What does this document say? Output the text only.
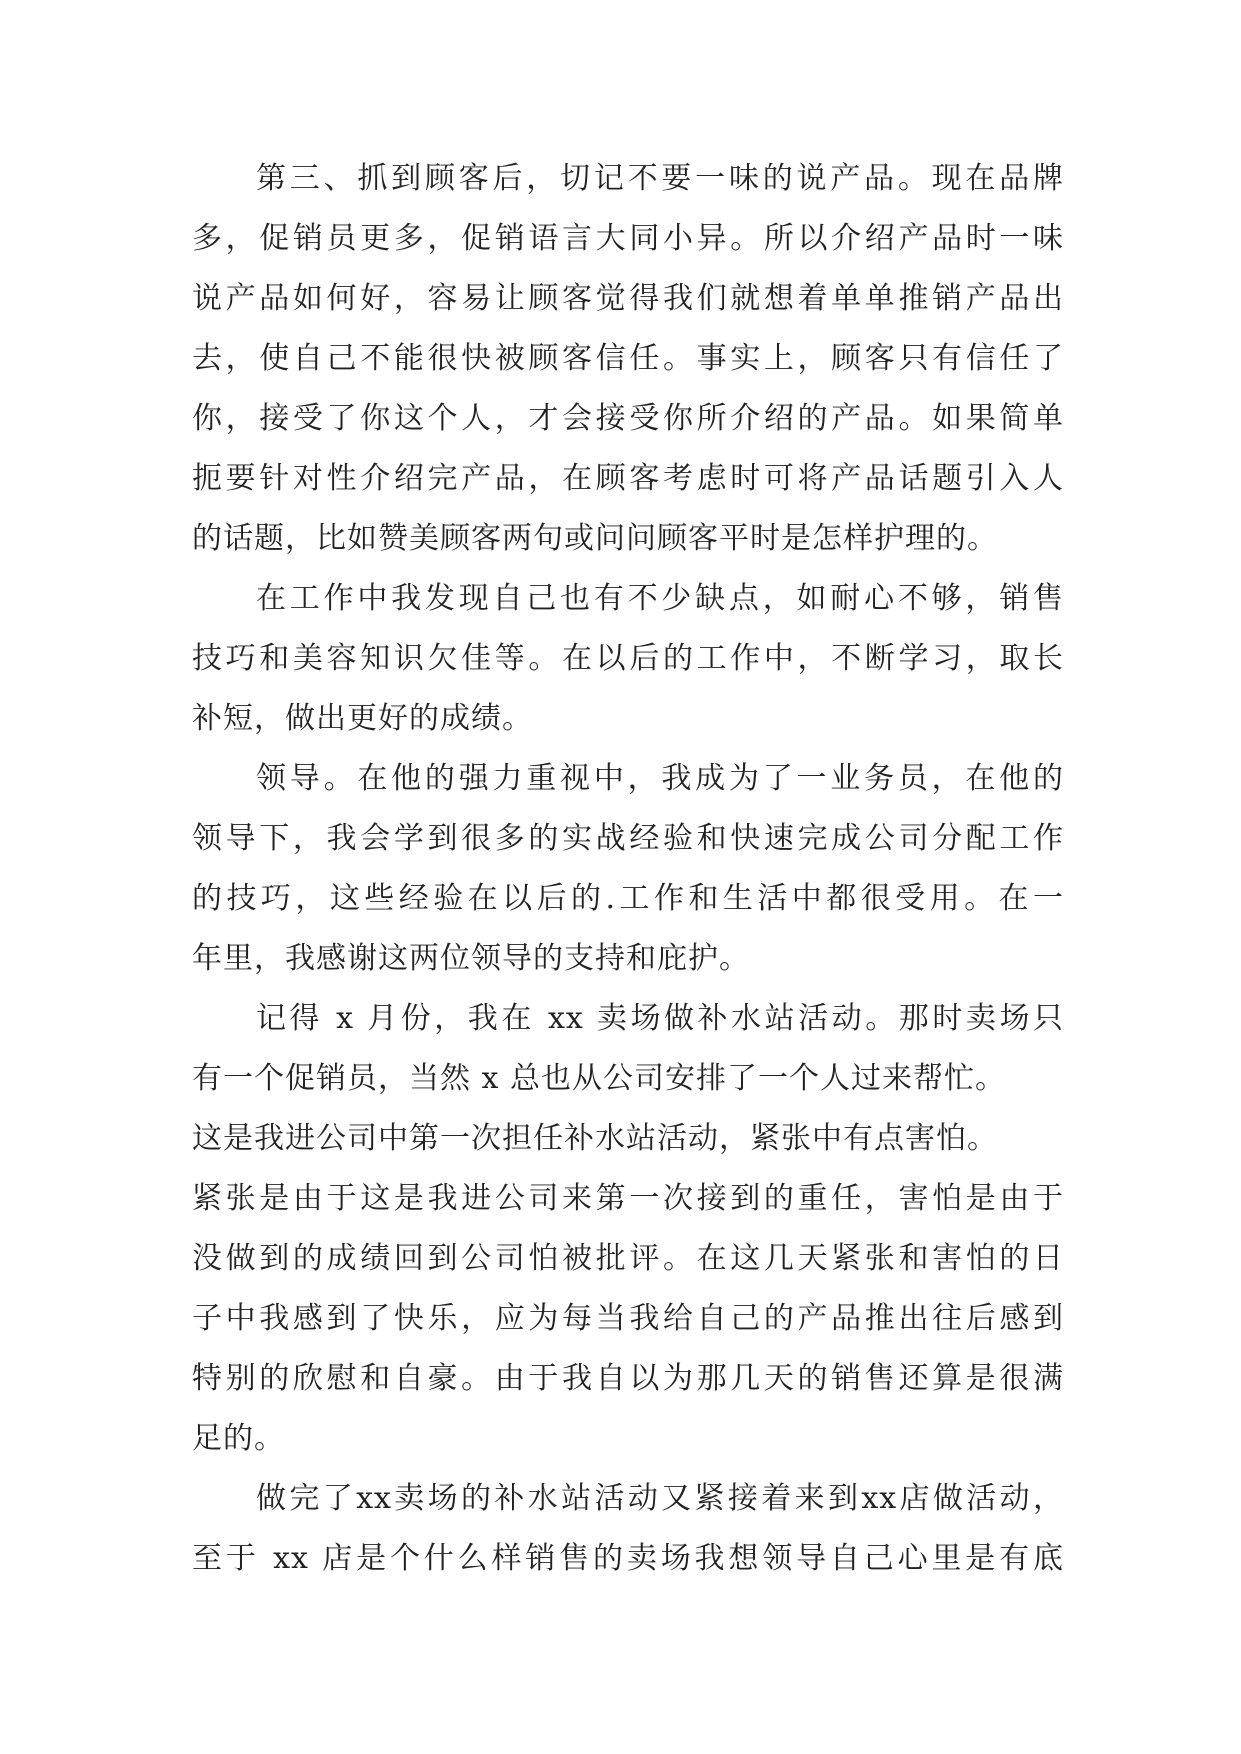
第三、抓到顾客后，切记不要一味的说产品。现在品牌
多，促销员更多，促销语言大同小异。所以介绍产品时一味
说产品如何好，容易让顾客觉得我们就想着单单推销产品出
去，使自己不能很快被顾客信任。事实上，顾客只有信任了
你，接受了你这个人，才会接受你所介绍的产品。如果简单
扼要针对性介绍完产品，在顾客考虑时可将产品话题引入人
的话题，比如赞美顾客两句或问问顾客平时是怎样护理的。
在工作中我发现自己也有不少缺点，如耐心不够，销售
技巧和美容知识欠佳等。在以后的工作中，不断学习，取长
补短，做出更好的成绩。
领导。在他的强力重视中，我成为了一业务员，在他的
领导下，我会学到很多的实战经验和快速完成公司分配工作
的技巧，这些经验在以后的.工作和生活中都很受用。在一
年里，我感谢这两位领导的支持和庇护。
记得 x 月份，我在 xx 卖场做补水站活动。那时卖场只
有一个促销员，当然 x 总也从公司安排了一个人过来帮忙。
这是我进公司中第一次担任补水站活动，紧张中有点害怕。
紧张是由于这是我进公司来第一次接到的重任，害怕是由于
没做到的成绩回到公司怕被批评。在这几天紧张和害怕的日
子中我感到了快乐，应为每当我给自己的产品推出往后感到
特别的欣慰和自豪。由于我自以为那几天的销售还算是很满
足的。
做完了xx卖场的补水站活动又紧接着来到xx店做活动，
至于 xx 店是个什么样销售的卖场我想领导自己心里是有底
